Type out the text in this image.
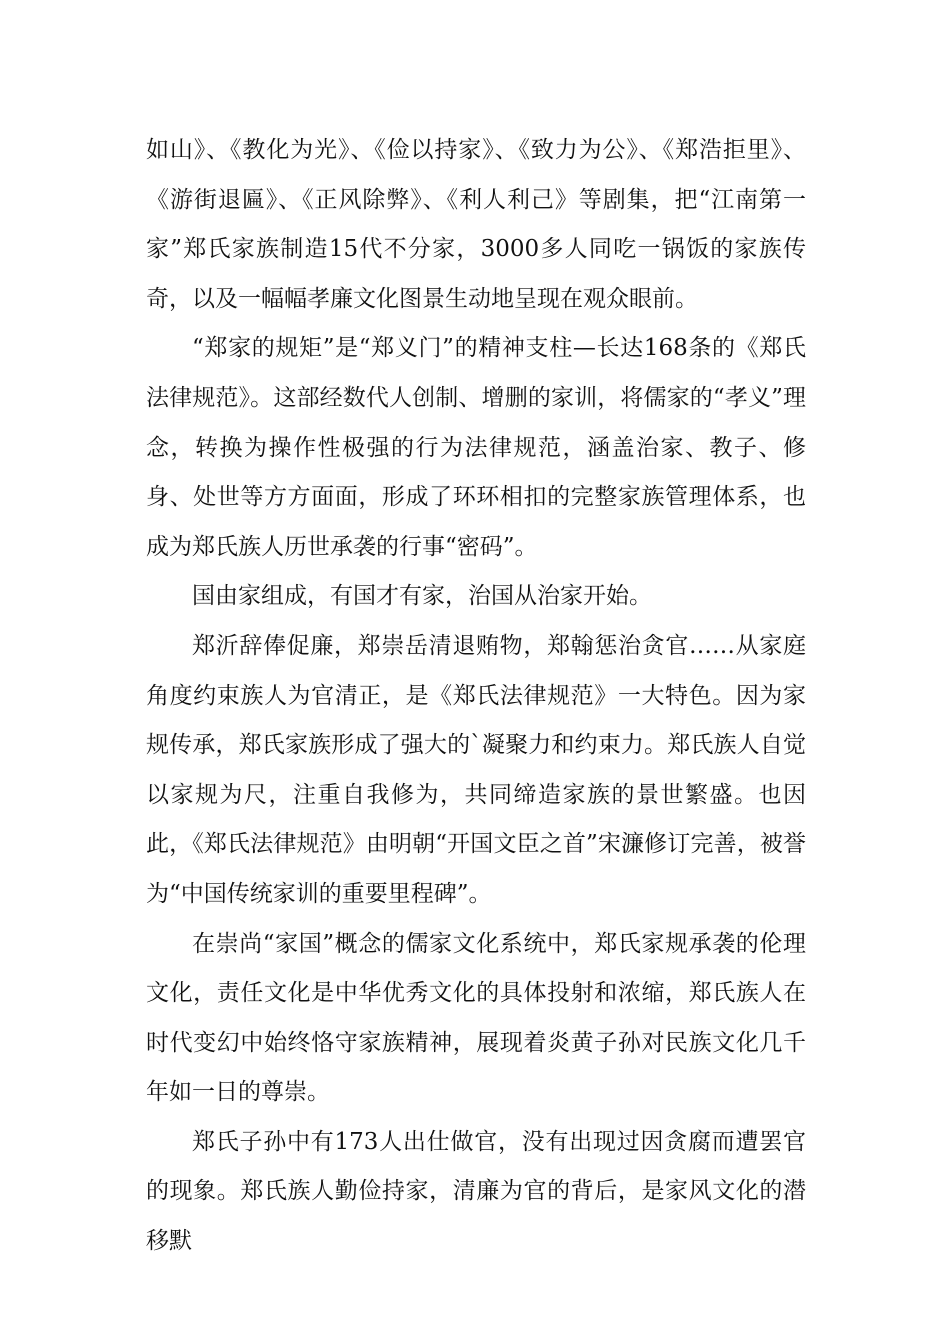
如山》、《教化为光》、《俭以持家》、《致力为公》、《郑浩拒里》、《游街退匾》、《正风除弊》、《利人利己》等剧集，把“江南第一家”郑氏家族制造15代不分家，3000多人同吃一锅饭的家族传奇，以及一幅幅孝廉文化图景生动地呈现在观众眼前。

“郑家的规矩”是“郑义门”的精神支柱—长达168条的《郑氏法律规范》。这部经数代人创制、增删的家训，将儒家的“孝义”理念，转换为操作性极强的行为法律规范，涵盖治家、教子、修身、处世等方方面面，形成了环环相扣的完整家族管理体系，也成为郑氏族人历世承袭的行事“密码”。

国由家组成，有国才有家，治国从治家开始。

郑沂辞俸促廉，郑崇岳清退贿物，郑翰惩治贪官……从家庭角度约束族人为官清正，是《郑氏法律规范》一大特色。因为家规传承，郑氏家族形成了强大的`凝聚力和约束力。郑氏族人自觉以家规为尺，注重自我修为，共同缔造家族的景世繁盛。也因此，《郑氏法律规范》由明朝“开国文臣之首”宋濂修订完善，被誉为“中国传统家训的重要里程碑”。

在崇尚“家国”概念的儒家文化系统中，郑氏家规承袭的伦理文化，责任文化是中华优秀文化的具体投射和浓缩，郑氏族人在时代变幻中始终恪守家族精神，展现着炎黄子孙对民族文化几千年如一日的尊崇。

郑氏子孙中有173人出仕做官，没有出现过因贪腐而遭罢官的现象。郑氏族人勤俭持家，清廉为官的背后，是家风文化的潜移默
